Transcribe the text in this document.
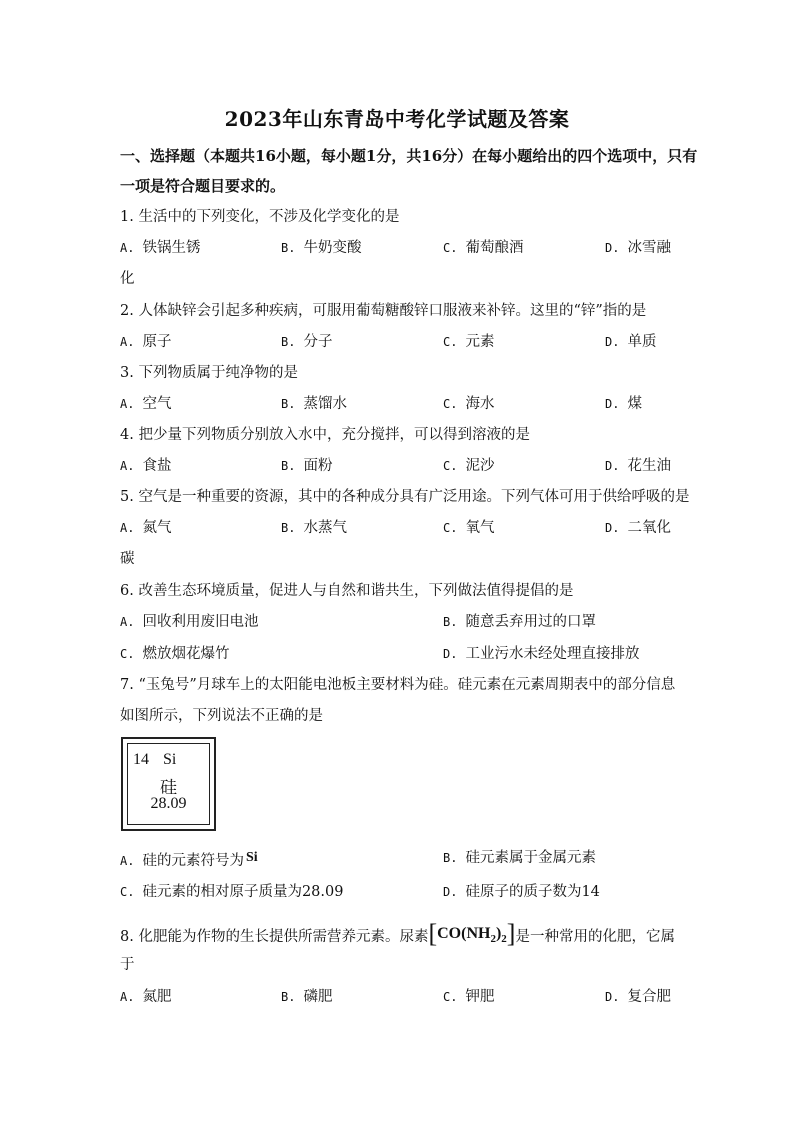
2023年山东青岛中考化学试题及答案
一、选择题（本题共16小题，每小题1分，共16分）在每小题给出的四个选项中，只有
一项是符合题目要求的。
1. 生活中的下列变化，不涉及化学变化的是
A. 铁锅生锈	B. 牛奶变酸	C. 葡萄酿酒	D. 冰雪融
化
2. 人体缺锌会引起多种疾病，可服用葡萄糖酸锌口服液来补锌。这里的“锌”指的是
A. 原子	B. 分子	C. 元素	D. 单质
3. 下列物质属于纯净物的是
A. 空气	B. 蒸馏水	C. 海水	D. 煤
4. 把少量下列物质分别放入水中，充分搅拌，可以得到溶液的是
A. 食盐	B. 面粉	C. 泥沙	D. 花生油
5. 空气是一种重要的资源，其中的各种成分具有广泛用途。下列气体可用于供给呼吸的是
A. 氮气	B. 水蒸气	C. 氧气	D. 二氧化
碳
6. 改善生态环境质量，促进人与自然和谐共生，下列做法值得提倡的是
A. 回收利用废旧电池	B. 随意丢弃用过的口罩
C. 燃放烟花爆竹	D. 工业污水未经处理直接排放
7. “玉兔号”月球车上的太阳能电池板主要材料为硅。硅元素在元素周期表中的部分信息
如图所示，下列说法不正确的是
14 Si
硅
28.09
A. 硅的元素符号为 Si	B. 硅元素属于金属元素
C. 硅元素的相对原子质量为28.09	D. 硅原子的质子数为14
8. 化肥能为作物的生长提供所需营养元素。尿素$[CO(NH_2)_2]$是一种常用的化肥，它属
于
A. 氮肥	B. 磷肥	C. 钾肥	D. 复合肥
